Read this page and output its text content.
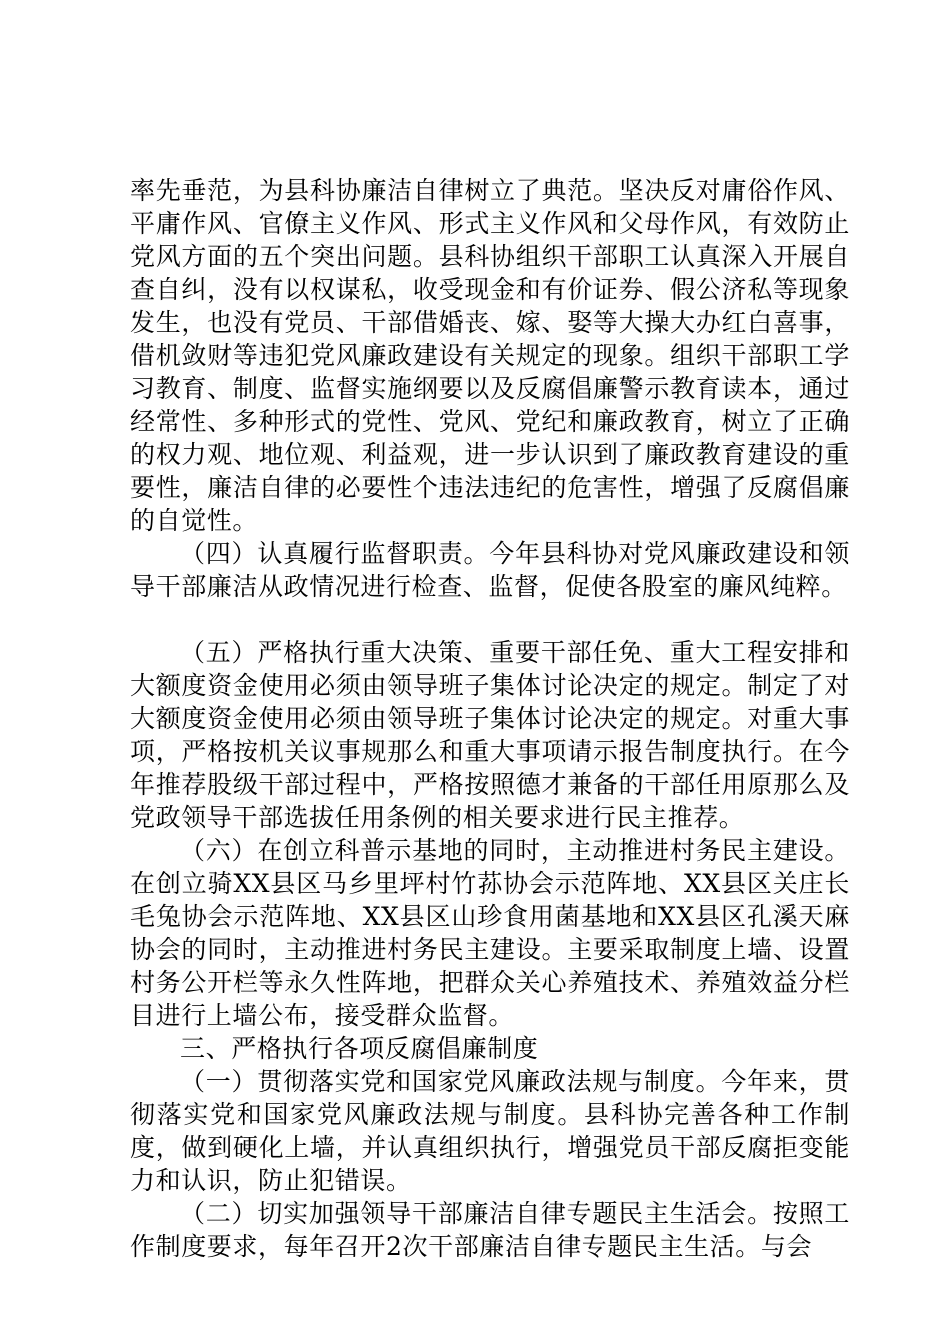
率先垂范，为县科协廉洁自律树立了典范。坚决反对庸俗作风、平庸作风、官僚主义作风、形式主义作风和父母作风，有效防止党风方面的五个突出问题。县科协组织干部职工认真深入开展自查自纠，没有以权谋私，收受现金和有价证券、假公济私等现象发生，也没有党员、干部借婚丧、嫁、娶等大操大办红白喜事，借机敛财等违犯党风廉政建设有关规定的现象。组织干部职工学习教育、制度、监督实施纲要以及反腐倡廉警示教育读本，通过经常性、多种形式的党性、党风、党纪和廉政教育，树立了正确的权力观、地位观、利益观，进一步认识到了廉政教育建设的重要性，廉洁自律的必要性个违法违纪的危害性，增强了反腐倡廉的自觉性。

（四）认真履行监督职责。今年县科协对党风廉政建设和领导干部廉洁从政情况进行检查、监督，促使各股室的廉风纯粹。

（五）严格执行重大决策、重要干部任免、重大工程安排和大额度资金使用必须由领导班子集体讨论决定的规定。制定了对大额度资金使用必须由领导班子集体讨论决定的规定。对重大事项，严格按机关议事规那么和重大事项请示报告制度执行。在今年推荐股级干部过程中，严格按照德才兼备的干部任用原那么及党政领导干部选拔任用条例的相关要求进行民主推荐。

（六）在创立科普示基地的同时，主动推进村务民主建设。在创立骑XX县区马乡里坪村竹荪协会示范阵地、XX县区关庄长毛兔协会示范阵地、XX县区山珍食用菌基地和XX县区孔溪天麻协会的同时，主动推进村务民主建设。主要采取制度上墙、设置村务公开栏等永久性阵地，把群众关心养殖技术、养殖效益分栏目进行上墙公布，接受群众监督。

三、严格执行各项反腐倡廉制度

（一）贯彻落实党和国家党风廉政法规与制度。今年来，贯彻落实党和国家党风廉政法规与制度。县科协完善各种工作制度，做到硬化上墙，并认真组织执行，增强党员干部反腐拒变能力和认识，防止犯错误。

（二）切实加强领导干部廉洁自律专题民主生活会。按照工作制度要求，每年召开2次干部廉洁自律专题民主生活。与会
